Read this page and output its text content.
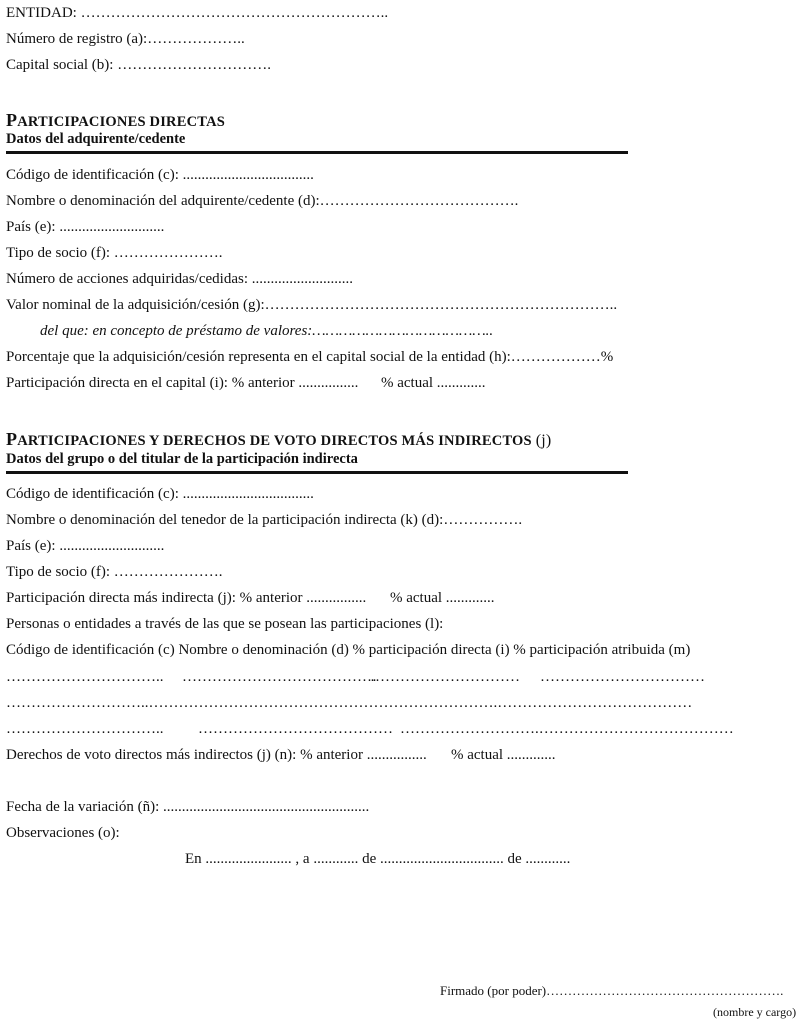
ENTIDAD: ……………………………………………………..
Número de registro (a):………………..
Capital social (b): ………………………….
PARTICIPACIONES DIRECTAS
Datos del adquirente/cedente
Código de identificación (c): ...................................
Nombre o denominación del adquirente/cedente (d):………………………………….
País (e): ............................
Tipo de socio (f): ………………….
Número de acciones adquiridas/cedidas: ...........................
Valor nominal de la adquisición/cesión (g):……………………………………………………………..
del que: en concepto de préstamo de valores:…………………………………..
Porcentaje que la adquisición/cesión representa en el capital social de la entidad (h):………………%
Participación directa en el capital (i): % anterior ................ % actual .............
PARTICIPACIONES Y DERECHOS DE VOTO DIRECTOS MÁS INDIRECTOS (j)
Datos del grupo o del titular de la participación indirecta
Código de identificación (c): ...................................
Nombre o denominación del tenedor de la participación indirecta (k) (d):…………….
País (e): ............................
Tipo de socio (f): ………………….
Participación directa más indirecta (j): % anterior ................ % actual .............
Personas o entidades a través de las que se posean las participaciones (l):
Código de identificación (c) Nombre o denominación (d) % participación directa (i) % participación atribuida (m)
………………………….. …………………………………
………………………… ……………………………
………………………..…………………………………………………………….…………………………………
………………………….. ………………………………… ……………………….…………………………………
Derechos de voto directos más indirectos (j) (n): % anterior ................ % actual .............
Fecha de la variación (ñ): .......................................................
Observaciones (o):
En ....................... , a ............ de ................................. de ............
Firmado (por poder)……………………………………………….
(nombre y cargo)
